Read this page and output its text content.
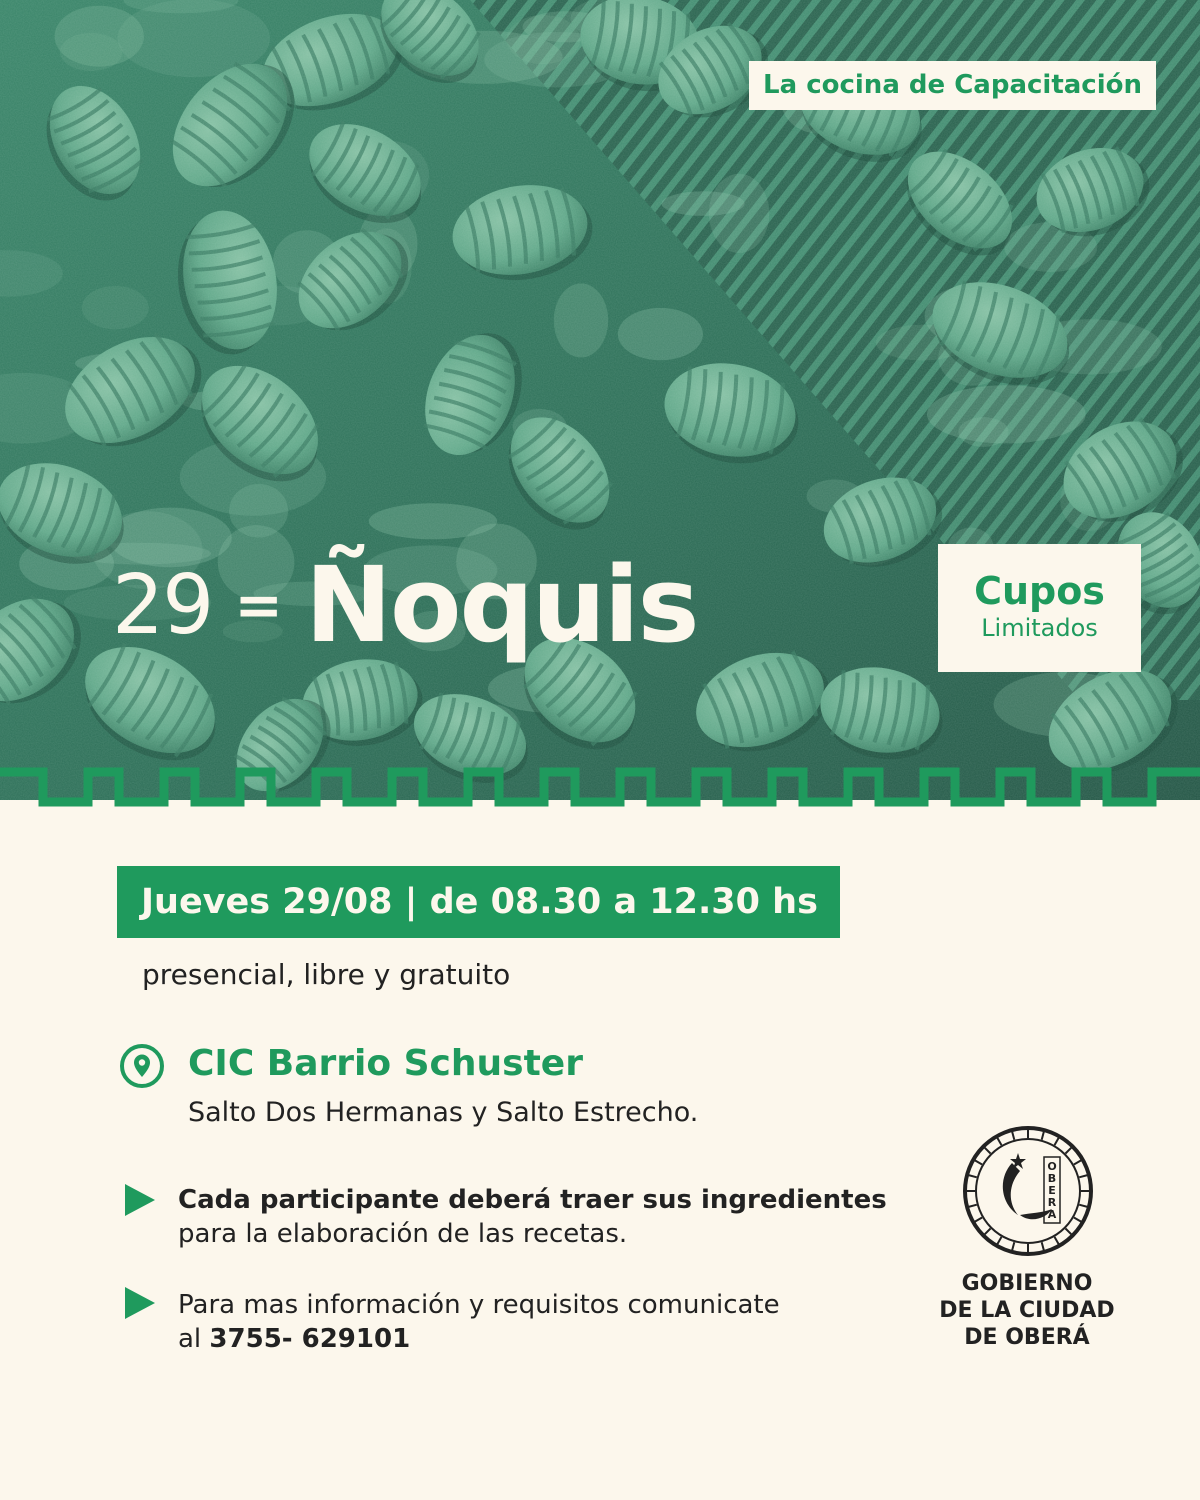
La cocina de Capacitación
29 = Ñoquis	Cupos
Limitados
Jueves 29/08 | de 08.30 a 12.30 hs
presencial, libre y gratuito
CIC Barrio Schuster
Salto Dos Hermanas y Salto Estrecho.
Cada participante deberá traer sus ingredientes
para la elaboración de las recetas.
Para mas información y requisitos comunicate
al 3755- 629101
O
B
E
R
A
GOBIERNO
DE LA CIUDAD
DE OBERÁ
